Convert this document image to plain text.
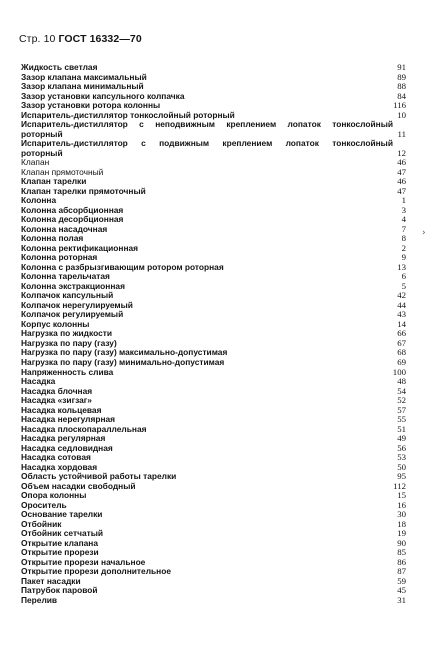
Стр. 10 ГОСТ 16332—70
Жидкость светлая	91
Зазор клапана максимальный	89
Зазор клапана минимальный	88
Зазор установки капсульного колпачка	84
Зазор установки ротора колонны	116
Испаритель-дистиллятор тонкослойный роторный	10
Испаритель-дистиллятор с неподвижным креплением лопаток тонкослойный
роторный	11
Испаритель-дистиллятор с подвижным креплением лопаток тонкослойный
роторный	12
Клапан	46
Клапан прямоточный	47
Клапан тарелки	46
Клапан тарелки прямоточный	47
Колонна	1
Колонна абсорбционная	3
Колонна десорбционная	4
Колонна насадочная	7
Колонна полая	8
Колонна ректификационная	2
Колонна роторная	9
Колонна с разбрызгивающим ротором роторная	13
Колонна тарельчатая	6
Колонна экстракционная	5
Колпачок капсульный	42
Колпачок нерегулируемый	44
Колпачок регулируемый	43
Корпус колонны	14
Нагрузка по жидкости	66
Нагрузка по пару (газу)	67
Нагрузка по пару (газу) максимально-допустимая	68
Нагрузка по пару (газу) минимально-допустимая	69
Напряженность слива	100
Насадка	48
Насадка блочная	54
Насадка «зигзаг»	52
Насадка кольцевая	57
Насадка нерегулярная	55
Насадка плоскопараллельная	51
Насадка регулярная	49
Насадка седловидная	56
Насадка сотовая	53
Насадка хордовая	50
Область устойчивой работы тарелки	95
Объем насадки свободный	112
Опора колонны	15
Ороситель	16
Основание тарелки	30
Отбойник	18
Отбойник сетчатый	19
Открытие клапана	90
Открытие прорези	85
Открытие прорези начальное	86
Открытие прорези дополнительное	87
Пакет насадки	59
Патрубок паровой	45
Перелив	31
›
